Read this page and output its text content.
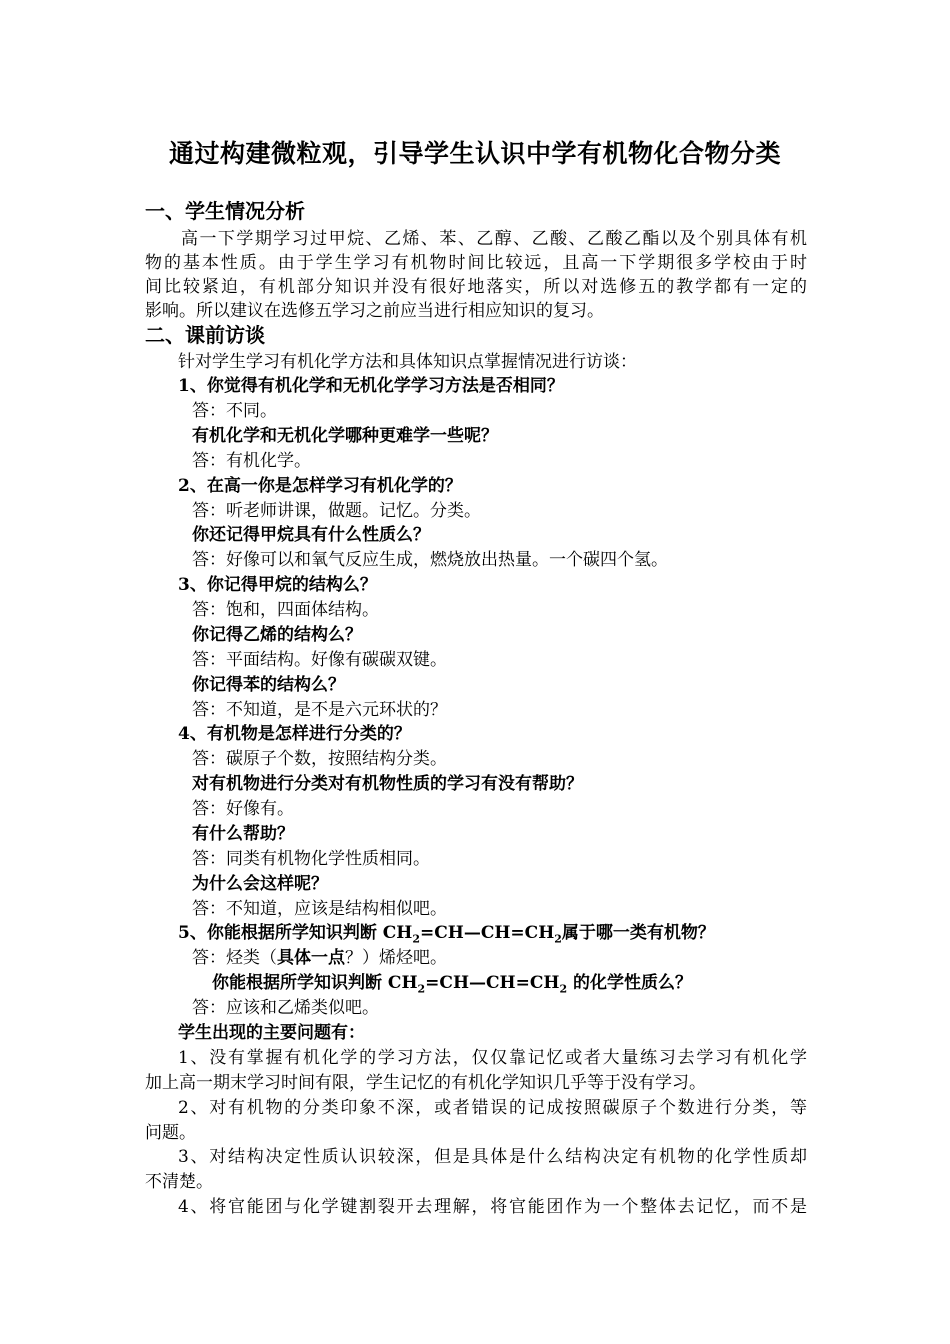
通过构建微粒观，引导学生认识中学有机物化合物分类
一、学生情况分析
高一下学期学习过甲烷、乙烯、苯、乙醇、乙酸、乙酸乙酯以及个别具体有机
物的基本性质。由于学生学习有机物时间比较远，且高一下学期很多学校由于时
间比较紧迫，有机部分知识并没有很好地落实，所以对选修五的教学都有一定的
影响。所以建议在选修五学习之前应当进行相应知识的复习。
二、课前访谈
针对学生学习有机化学方法和具体知识点掌握情况进行访谈：
1、你觉得有机化学和无机化学学习方法是否相同？
答：不同。
有机化学和无机化学哪种更难学一些呢？
答：有机化学。
2、在高一你是怎样学习有机化学的？
答：听老师讲课，做题。记忆。分类。
你还记得甲烷具有什么性质么？
答：好像可以和氧气反应生成，燃烧放出热量。一个碳四个氢。
3、你记得甲烷的结构么？
答：饱和，四面体结构。
你记得乙烯的结构么？
答：平面结构。好像有碳碳双键。
你记得苯的结构么？
答：不知道，是不是六元环状的？
4、有机物是怎样进行分类的？
答：碳原子个数，按照结构分类。
对有机物进行分类对有机物性质的学习有没有帮助？
答：好像有。
有什么帮助？
答：同类有机物化学性质相同。
为什么会这样呢？
答：不知道，应该是结构相似吧。
5、你能根据所学知识判断 $CH_2=CH—CH=CH_2$属于哪一类有机物？
答：烃类（具体一点？）烯烃吧。
你能根据所学知识判断 $CH_2=CH—CH=CH_2$ 的化学性质么？
答：应该和乙烯类似吧。
学生出现的主要问题有：
1、没有掌握有机化学的学习方法，仅仅靠记忆或者大量练习去学习有机化学
加上高一期末学习时间有限，学生记忆的有机化学知识几乎等于没有学习。
2、对有机物的分类印象不深，或者错误的记成按照碳原子个数进行分类，等
问题。
3、对结构决定性质认识较深，但是具体是什么结构决定有机物的化学性质却
不清楚。
4、将官能团与化学键割裂开去理解，将官能团作为一个整体去记忆，而不是
